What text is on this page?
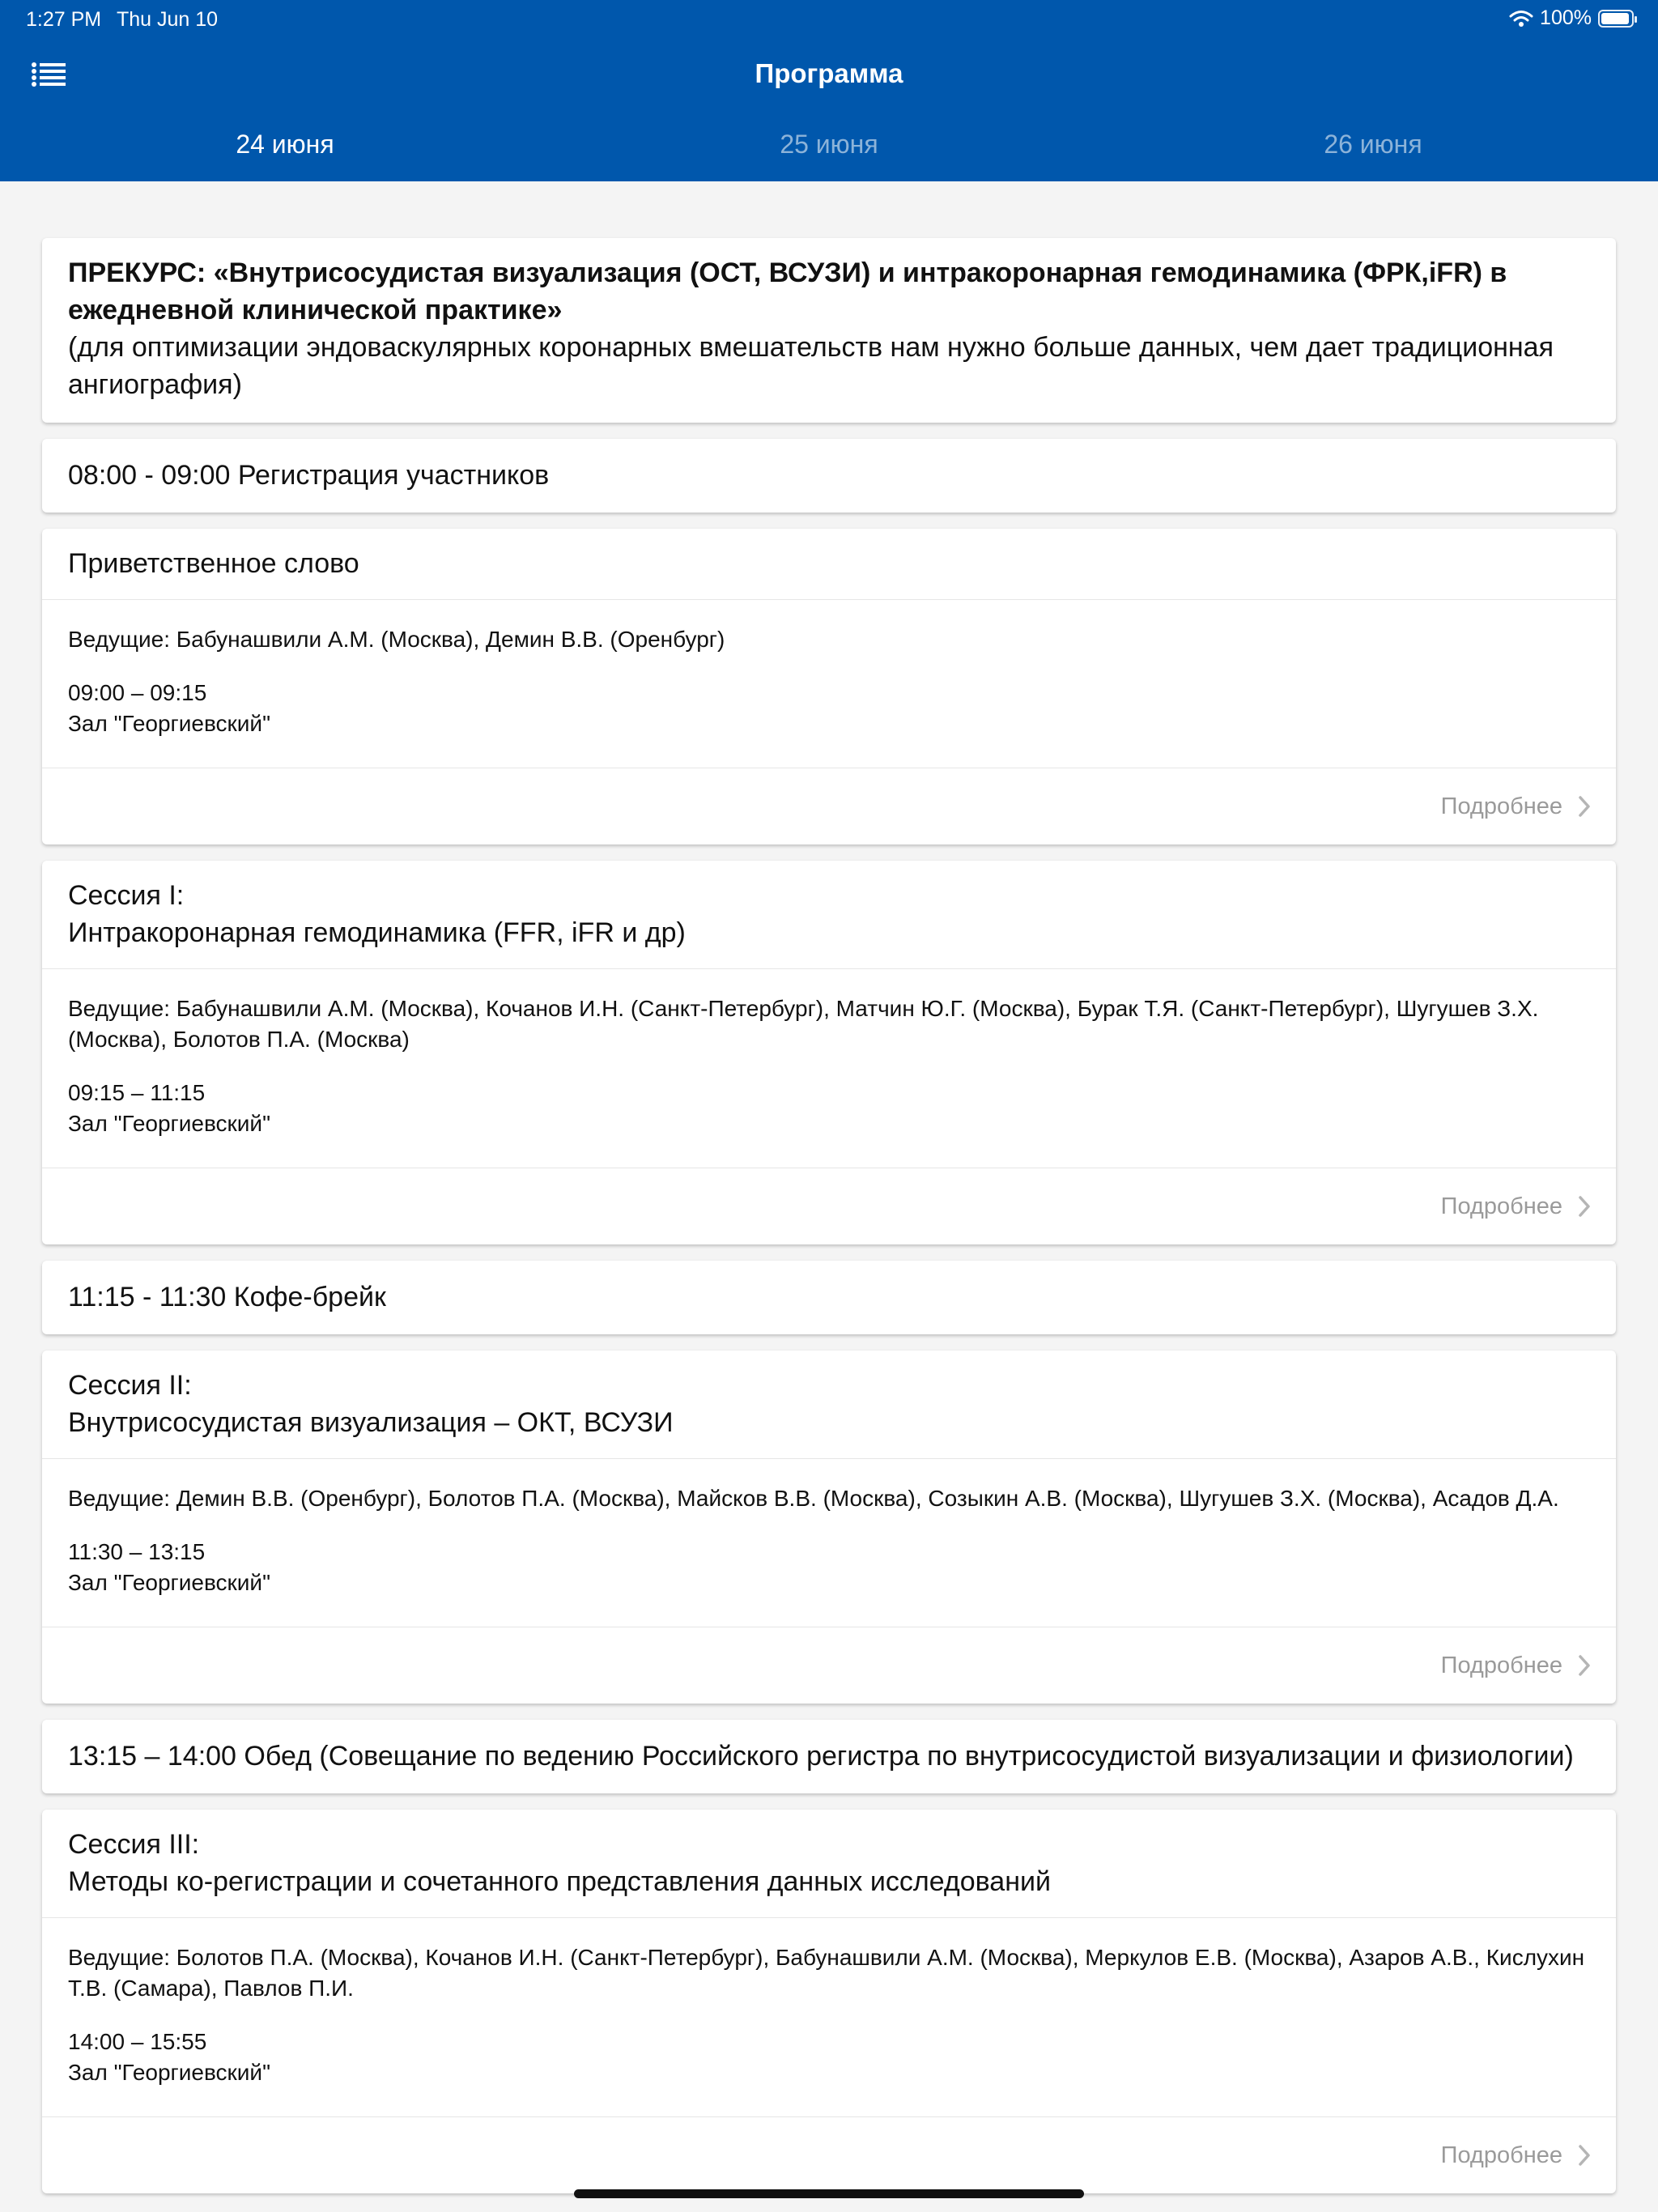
1:27 PM Thu Jun 10	100%
Программа
24 июня	25 июня	26 июня
ПРЕКУРС: «Внутрисосудистая визуализация (ОСТ, ВСУЗИ) и интракоронарная гемодинамика (ФРК,iFR) в ежедневной клинической практике»
(для оптимизации эндоваскулярных коронарных вмешательств нам нужно больше данных, чем дает традиционная ангиография)
08:00 - 09:00 Регистрация участников
Приветственное слово
Ведущие: Бабунашвили А.М. (Москва), Демин В.В. (Оренбург)
09:00 – 09:15
Зал "Георгиевский"
Подробнее
Сессия I:
Интракоронарная гемодинамика (FFR, iFR и др)
Ведущие: Бабунашвили А.М. (Москва), Кочанов И.Н. (Санкт-Петербург), Матчин Ю.Г. (Москва), Бурак Т.Я. (Санкт-Петербург), Шугушев З.Х. (Москва), Болотов П.А. (Москва)
09:15 – 11:15
Зал "Георгиевский"
Подробнее
11:15 - 11:30 Кофе-брейк
Сессия II:
Внутрисосудистая визуализация – ОКТ, ВСУЗИ
Ведущие: Демин В.В. (Оренбург), Болотов П.А. (Москва), Майсков В.В. (Москва), Созыкин А.В. (Москва), Шугушев З.Х. (Москва), Асадов Д.А.
11:30 – 13:15
Зал "Георгиевский"
Подробнее
13:15 – 14:00 Обед (Совещание по ведению Российского регистра по внутрисосудистой визуализации и физиологии)
Сессия III:
Методы ко-регистрации и сочетанного представления данных исследований
Ведущие: Болотов П.А. (Москва), Кочанов И.Н. (Санкт-Петербург), Бабунашвили А.М. (Москва), Меркулов Е.В. (Москва), Азаров А.В., Кислухин Т.В. (Самара), Павлов П.И.
14:00 – 15:55
Зал "Георгиевский"
Подробнее
